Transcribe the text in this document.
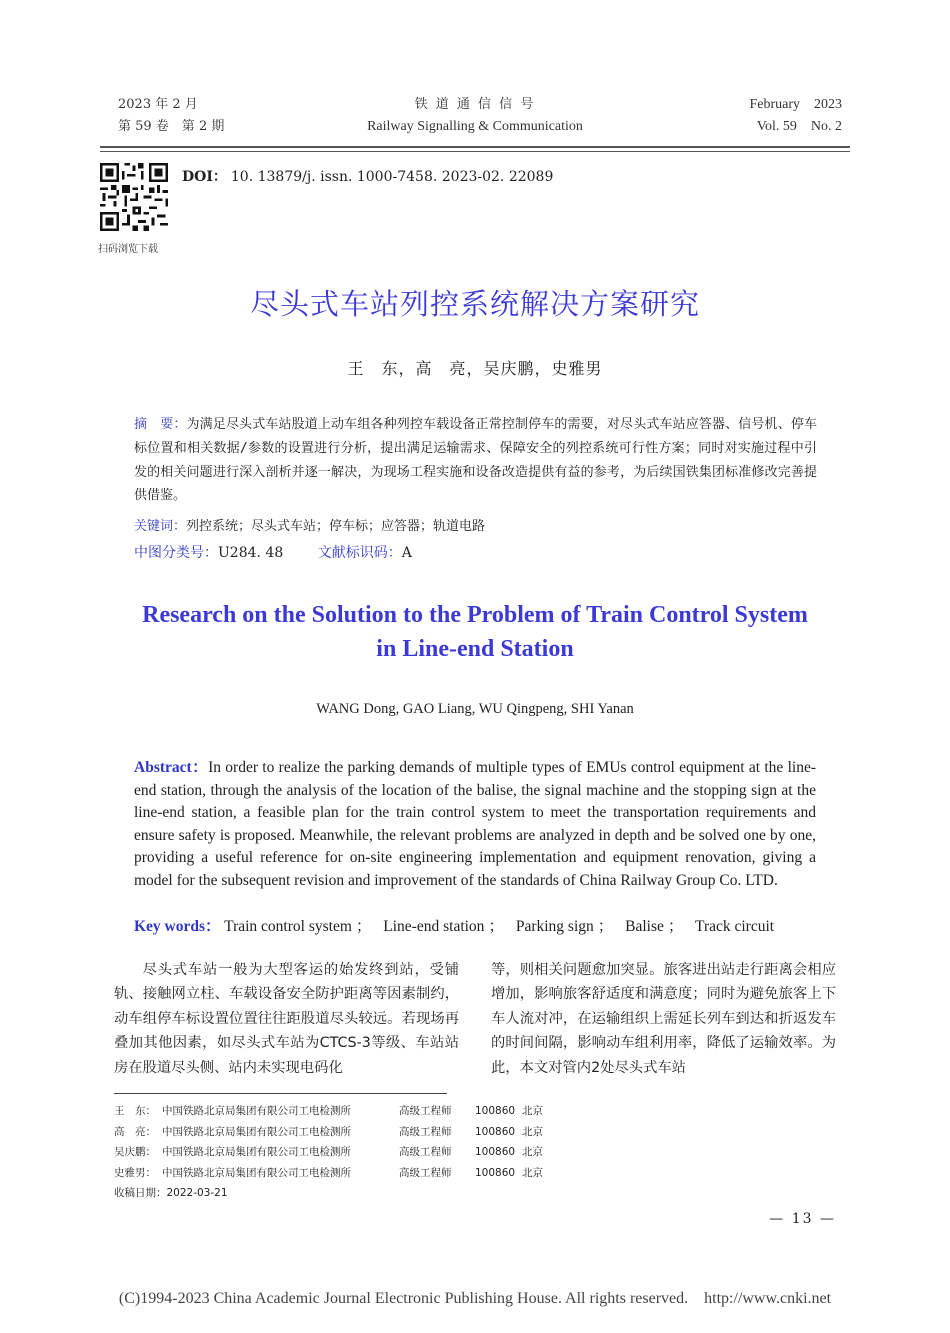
2023 年 2 月
第 59 卷　第 2 期
铁 道 通 信 信 号
Railway Signalling & Communication
February　2023
Vol. 59　No. 2
扫码浏览下载
DOI： 10. 13879/j. issn. 1000-7458. 2023-02. 22089
尽头式车站列控系统解决方案研究
王　东，高　亮，吴庆鹏，史雅男
摘　要：为满足尽头式车站股道上动车组各种列控车载设备正常控制停车的需要，对尽头式车站应答器、信号机、停车标位置和相关数据/参数的设置进行分析，提出满足运输需求、保障安全的列控系统可行性方案；同时对实施过程中引发的相关问题进行深入剖析并逐一解决，为现场工程实施和设备改造提供有益的参考，为后续国铁集团标准修改完善提供借鉴。
关键词：列控系统；尽头式车站；停车标；应答器；轨道电路
中图分类号：U284. 48 文献标识码：A
Research on the Solution to the Problem of Train Control System
in Line-end Station
WANG Dong, GAO Liang, WU Qingpeng, SHI Yanan
Abstract：In order to realize the parking demands of multiple types of EMUs control equipment at the line-end station, through the analysis of the location of the balise, the signal machine and the stopping sign at the line-end station, a feasible plan for the train control system to meet the transportation requirements and ensure safety is proposed. Meanwhile, the relevant problems are analyzed in depth and be solved one by one, providing a useful reference for on-site engineering implementation and equipment renovation, giving a model for the subsequent revision and improvement of the standards of China Railway Group Co. LTD.
Key words： Train control system ； Line-end station ； Parking sign ； Balise ； Track circuit
尽头式车站一般为大型客运的始发终到站，受铺轨、接触网立柱、车载设备安全防护距离等因素制约，动车组停车标设置位置往往距股道尽头较远。若现场再叠加其他因素，如尽头式车站为CTCS-3等级、车站站房在股道尽头侧、站内未实现电码化
等，则相关问题愈加突显。旅客进出站走行距离会相应增加，影响旅客舒适度和满意度；同时为避免旅客上下车人流对冲，在运输组织上需延长列车到达和折返发车的时间间隔，影响动车组利用率，降低了运输效率。为此，本文对管内2处尽头式车站
王　东： 中国铁路北京局集团有限公司工电检测所	高级工程师 100860 北京
高　亮： 中国铁路北京局集团有限公司工电检测所	高级工程师 100860 北京
吴庆鹏： 中国铁路北京局集团有限公司工电检测所	高级工程师 100860 北京
史雅男： 中国铁路北京局集团有限公司工电检测所	高级工程师 100860 北京
收稿日期：2022-03-21
— 13 —
(C)1994-2023 China Academic Journal Electronic Publishing House. All rights reserved.　http://www.cnki.net
